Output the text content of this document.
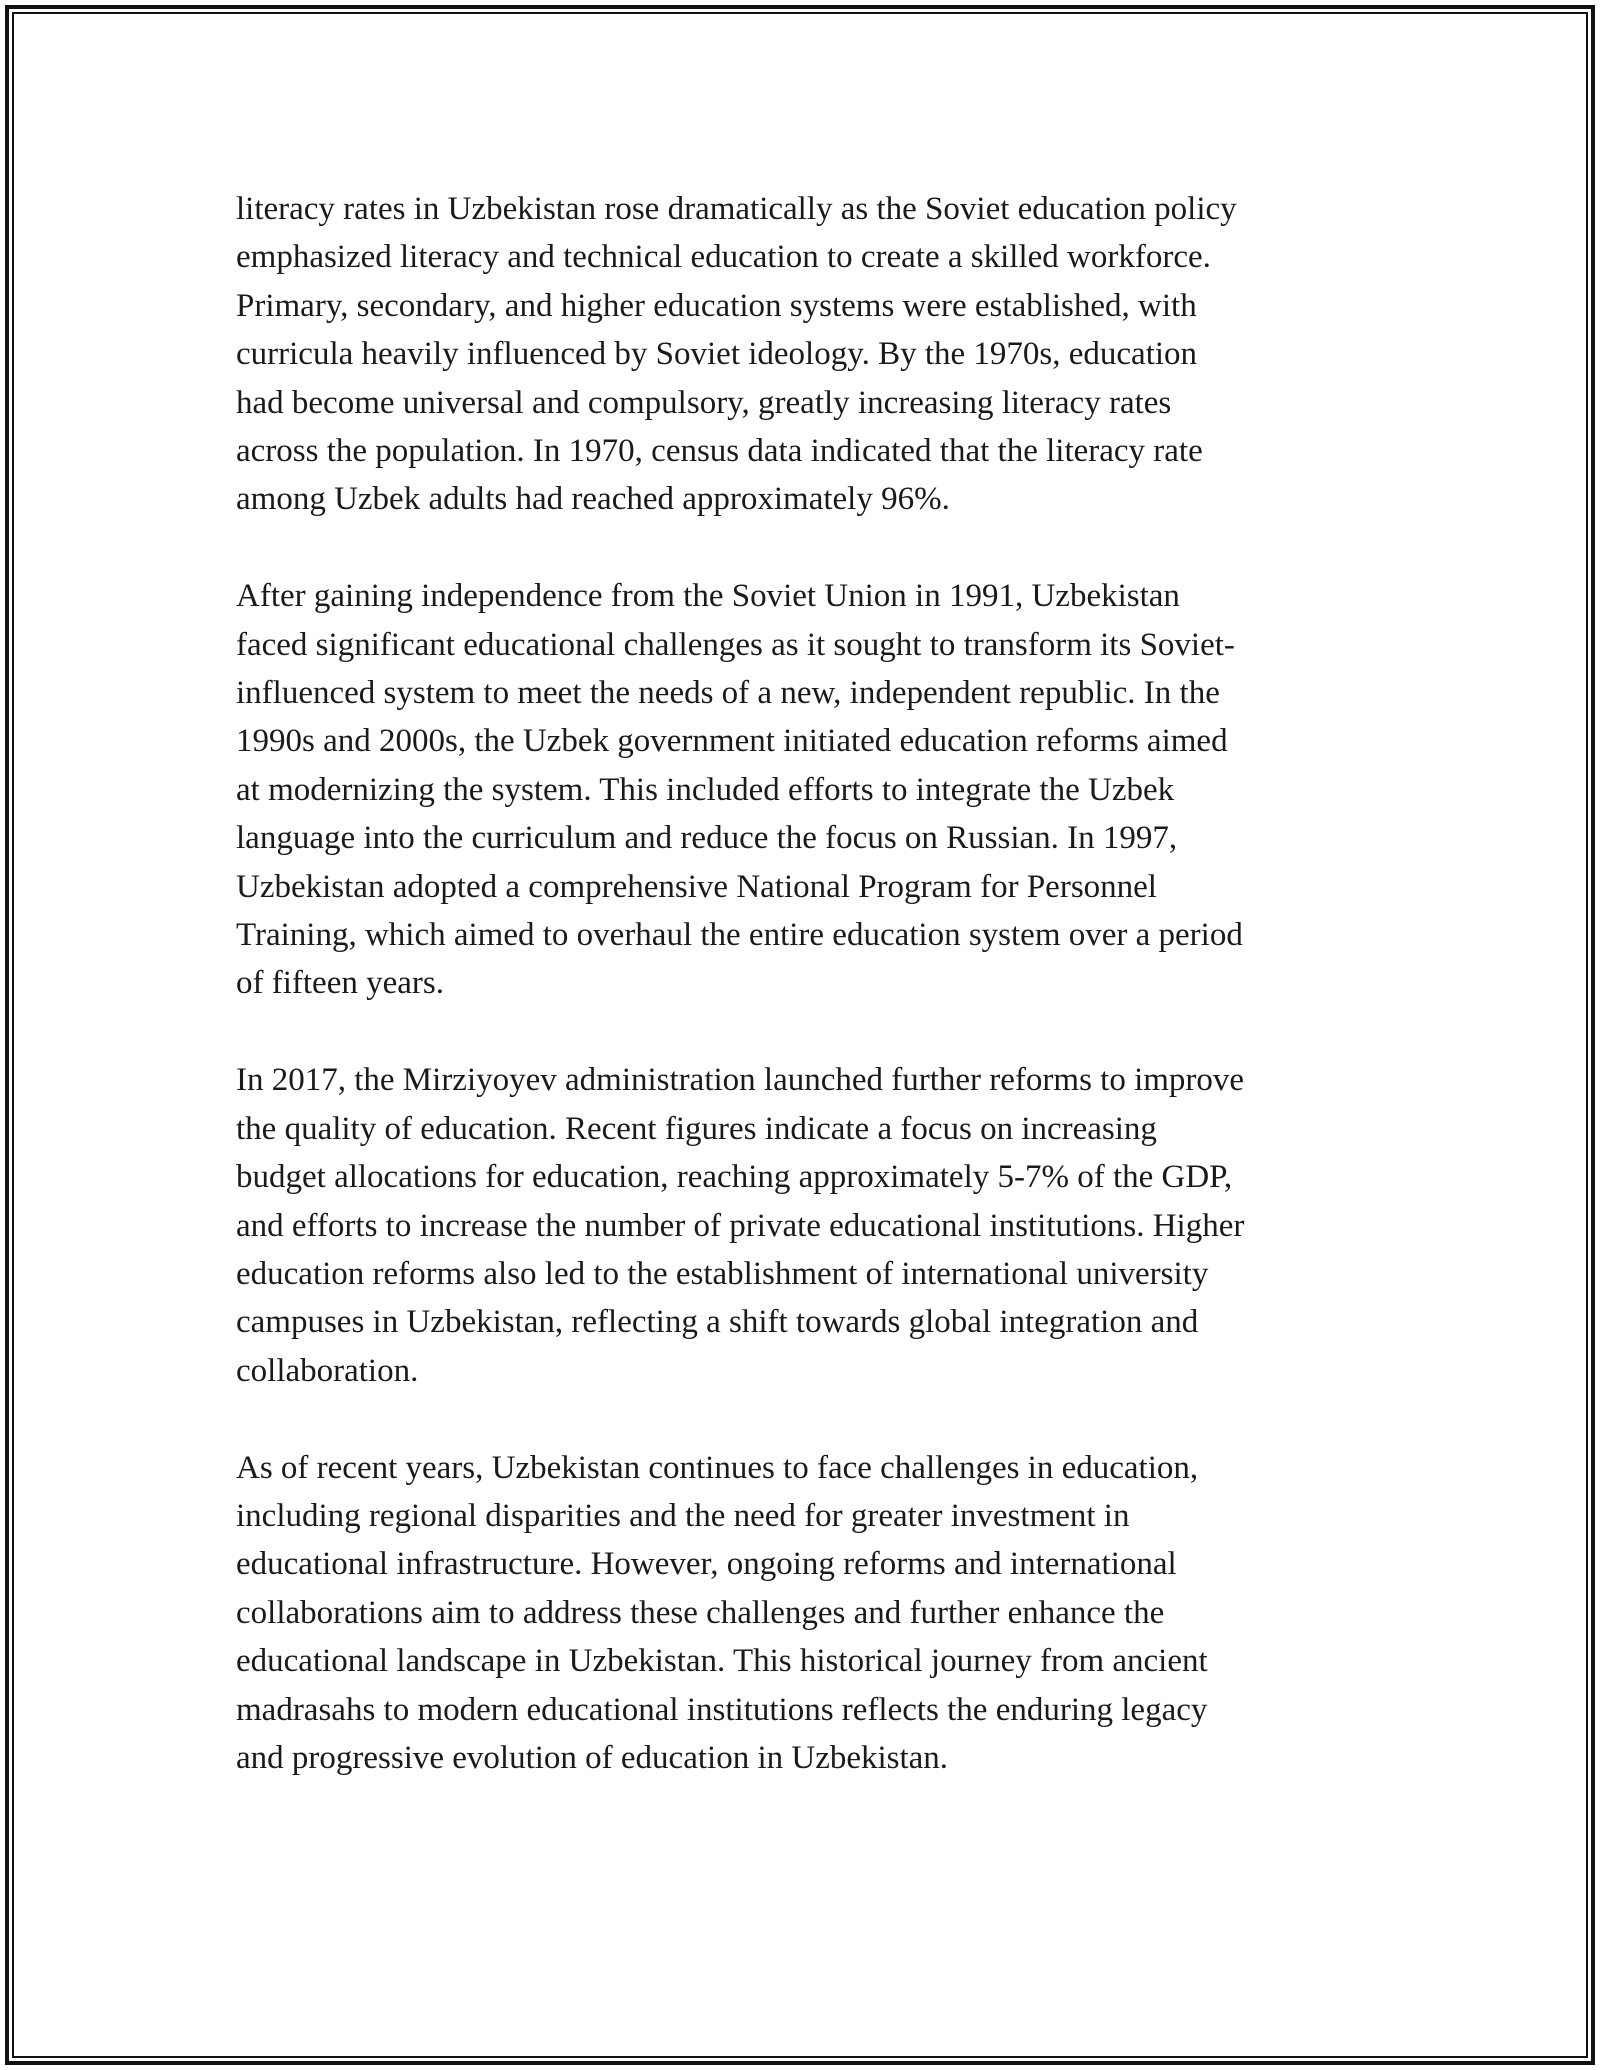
literacy rates in Uzbekistan rose dramatically as the Soviet education policy
emphasized literacy and technical education to create a skilled workforce.
Primary, secondary, and higher education systems were established, with
curricula heavily influenced by Soviet ideology. By the 1970s, education
had become universal and compulsory, greatly increasing literacy rates
across the population. In 1970, census data indicated that the literacy rate
among Uzbek adults had reached approximately 96%.

After gaining independence from the Soviet Union in 1991, Uzbekistan
faced significant educational challenges as it sought to transform its Soviet-
influenced system to meet the needs of a new, independent republic. In the
1990s and 2000s, the Uzbek government initiated education reforms aimed
at modernizing the system. This included efforts to integrate the Uzbek
language into the curriculum and reduce the focus on Russian. In 1997,
Uzbekistan adopted a comprehensive National Program for Personnel
Training, which aimed to overhaul the entire education system over a period
of fifteen years.

In 2017, the Mirziyoyev administration launched further reforms to improve
the quality of education. Recent figures indicate a focus on increasing
budget allocations for education, reaching approximately 5-7% of the GDP,
and efforts to increase the number of private educational institutions. Higher
education reforms also led to the establishment of international university
campuses in Uzbekistan, reflecting a shift towards global integration and
collaboration.

As of recent years, Uzbekistan continues to face challenges in education,
including regional disparities and the need for greater investment in
educational infrastructure. However, ongoing reforms and international
collaborations aim to address these challenges and further enhance the
educational landscape in Uzbekistan. This historical journey from ancient
madrasahs to modern educational institutions reflects the enduring legacy
and progressive evolution of education in Uzbekistan.
